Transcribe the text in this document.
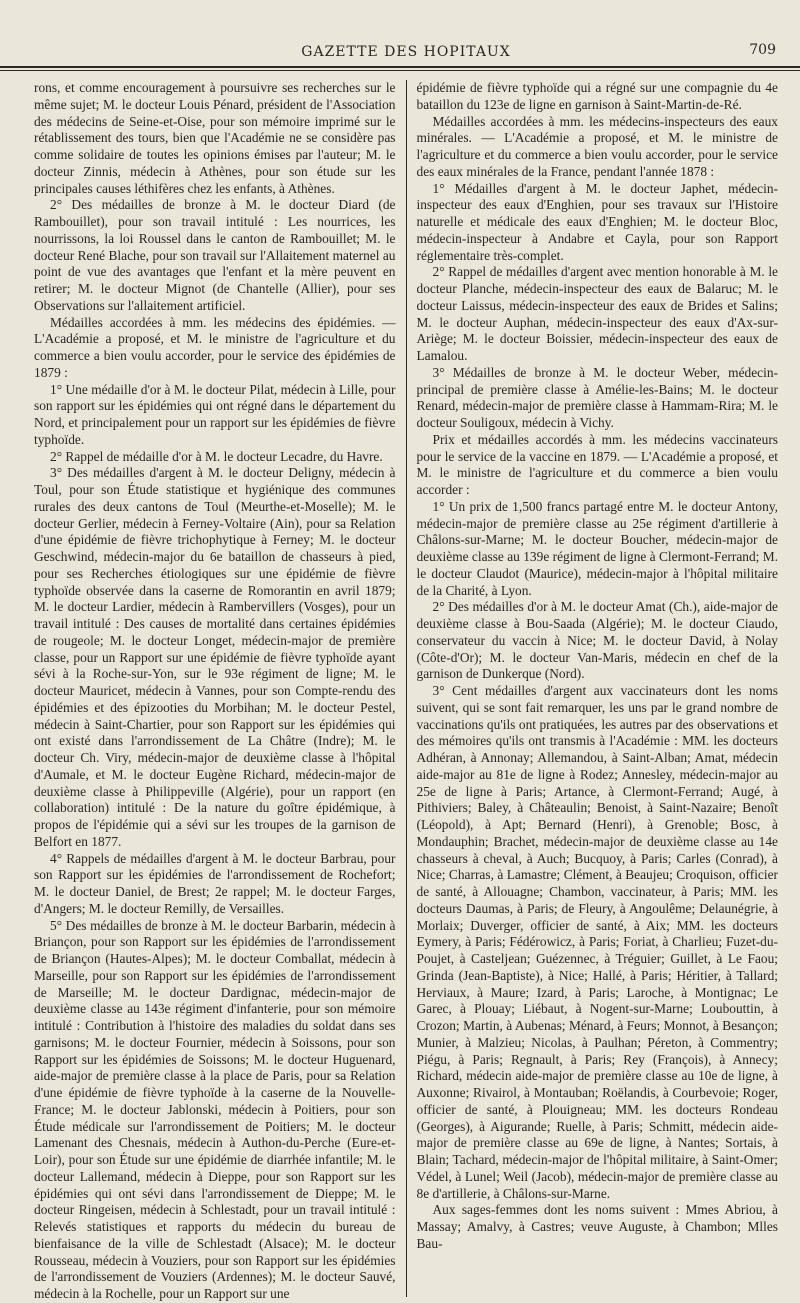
GAZETTE DES HOPITAUX	709

rons, et comme encouragement à poursuivre ses recherches sur le même sujet; M. le docteur Louis Pénard, président de l'Association des médecins de Seine-et-Oise, pour son mémoire imprimé sur le rétablissement des tours, bien que l'Académie ne se considère pas comme solidaire de toutes les opinions émises par l'auteur; M. le docteur Zinnis, médecin à Athènes, pour son étude sur les principales causes léthifères chez les enfants, à Athènes.

2° Des médailles de bronze à M. le docteur Diard (de Rambouillet), pour son travail intitulé : Les nourrices, les nourrissons, la loi Roussel dans le canton de Rambouillet; M. le docteur René Blache, pour son travail sur l'Allaitement maternel au point de vue des avantages que l'enfant et la mère peuvent en retirer; M. le docteur Mignot (de Chantelle (Allier), pour ses Observations sur l'allaitement artificiel.

Médailles accordées à mm. les médecins des épidémies. — L'Académie a proposé, et M. le ministre de l'agriculture et du commerce a bien voulu accorder, pour le service des épidémies de 1879 :

1° Une médaille d'or à M. le docteur Pilat, médecin à Lille, pour son rapport sur les épidémies qui ont régné dans le département du Nord, et principalement pour un rapport sur les épidémies de fièvre typhoïde.

2° Rappel de médaille d'or à M. le docteur Lecadre, du Havre.

3° Des médailles d'argent à M. le docteur Deligny, médecin à Toul, pour son Étude statistique et hygiénique des communes rurales des deux cantons de Toul (Meurthe-et-Moselle); M. le docteur Gerlier, médecin à Ferney-Voltaire (Ain), pour sa Relation d'une épidémie de fièvre trichophytique à Ferney; M. le docteur Geschwind, médecin-major du 6e bataillon de chasseurs à pied, pour ses Recherches étiologiques sur une épidémie de fièvre typhoïde observée dans la caserne de Romorantin en avril 1879; M. le docteur Lardier, médecin à Rambervillers (Vosges), pour un travail intitulé : Des causes de mortalité dans certaines épidémies de rougeole; M. le docteur Longet, médecin-major de première classe, pour un Rapport sur une épidémie de fièvre typhoïde ayant sévi à la Roche-sur-Yon, sur le 93e régiment de ligne; M. le docteur Mauricet, médecin à Vannes, pour son Compte-rendu des épidémies et des épizooties du Morbihan; M. le docteur Pestel, médecin à Saint-Chartier, pour son Rapport sur les épidémies qui ont existé dans l'arrondissement de La Châtre (Indre); M. le docteur Ch. Viry, médecin-major de deuxième classe à l'hôpital d'Aumale, et M. le docteur Eugène Richard, médecin-major de deuxième classe à Philippeville (Algérie), pour un rapport (en collaboration) intitulé : De la nature du goître épidémique, à propos de l'épidémie qui a sévi sur les troupes de la garnison de Belfort en 1877.

4° Rappels de médailles d'argent à M. le docteur Barbrau, pour son Rapport sur les épidémies de l'arrondissement de Rochefort; M. le docteur Daniel, de Brest; 2e rappel; M. le docteur Farges, d'Angers; M. le docteur Remilly, de Versailles.

5° Des médailles de bronze à M. le docteur Barbarin, médecin à Briançon, pour son Rapport sur les épidémies de l'arrondissement de Briançon (Hautes-Alpes); M. le docteur Comballat, médecin à Marseille, pour son Rapport sur les épidémies de l'arrondissement de Marseille; M. le docteur Dardignac, médecin-major de deuxième classe au 143e régiment d'infanterie, pour son mémoire intitulé : Contribution à l'histoire des maladies du soldat dans ses garnisons; M. le docteur Fournier, médecin à Soissons, pour son Rapport sur les épidémies de Soissons; M. le docteur Huguenard, aide-major de première classe à la place de Paris, pour sa Relation d'une épidémie de fièvre typhoïde à la caserne de la Nouvelle-France; M. le docteur Jablonski, médecin à Poitiers, pour son Étude médicale sur l'arrondissement de Poitiers; M. le docteur Lamenant des Chesnais, médecin à Authon-du-Perche (Eure-et-Loir), pour son Étude sur une épidémie de diarrhée infantile; M. le docteur Lallemand, médecin à Dieppe, pour son Rapport sur les épidémies qui ont sévi dans l'arrondissement de Dieppe; M. le docteur Ringeisen, médecin à Schlestadt, pour un travail intitulé : Relevés statistiques et rapports du médecin du bureau de bienfaisance de la ville de Schlestadt (Alsace); M. le docteur Rousseau, médecin à Vouziers, pour son Rapport sur les épidémies de l'arrondissement de Vouziers (Ardennes); M. le docteur Sauvé, médecin à la Rochelle, pour un Rapport sur une

épidémie de fièvre typhoïde qui a régné sur une compagnie du 4e bataillon du 123e de ligne en garnison à Saint-Martin-de-Ré.

Médailles accordées à mm. les médecins-inspecteurs des eaux minérales. — L'Académie a proposé, et M. le ministre de l'agriculture et du commerce a bien voulu accorder, pour le service des eaux minérales de la France, pendant l'année 1878 :

1° Médailles d'argent à M. le docteur Japhet, médecin-inspecteur des eaux d'Enghien, pour ses travaux sur l'Histoire naturelle et médicale des eaux d'Enghien; M. le docteur Bloc, médecin-inspecteur à Andabre et Cayla, pour son Rapport réglementaire très-complet.

2° Rappel de médailles d'argent avec mention honorable à M. le docteur Planche, médecin-inspecteur des eaux de Balaruc; M. le docteur Laissus, médecin-inspecteur des eaux de Brides et Salins; M. le docteur Auphan, médecin-inspecteur des eaux d'Ax-sur-Ariège; M. le docteur Boissier, médecin-inspecteur des eaux de Lamalou.

3° Médailles de bronze à M. le docteur Weber, médecin-principal de première classe à Amélie-les-Bains; M. le docteur Renard, médecin-major de première classe à Hammam-Rira; M. le docteur Souligoux, médecin à Vichy.

Prix et médailles accordés à mm. les médecins vaccinateurs pour le service de la vaccine en 1879. — L'Académie a proposé, et M. le ministre de l'agriculture et du commerce a bien voulu accorder :

1° Un prix de 1,500 francs partagé entre M. le docteur Antony, médecin-major de première classe au 25e régiment d'artillerie à Châlons-sur-Marne; M. le docteur Boucher, médecin-major de deuxième classe au 139e régiment de ligne à Clermont-Ferrand; M. le docteur Claudot (Maurice), médecin-major à l'hôpital militaire de la Charité, à Lyon.

2° Des médailles d'or à M. le docteur Amat (Ch.), aide-major de deuxième classe à Bou-Saada (Algérie); M. le docteur Ciaudo, conservateur du vaccin à Nice; M. le docteur David, à Nolay (Côte-d'Or); M. le docteur Van-Maris, médecin en chef de la garnison de Dunkerque (Nord).

3° Cent médailles d'argent aux vaccinateurs dont les noms suivent, qui se sont fait remarquer, les uns par le grand nombre de vaccinations qu'ils ont pratiquées, les autres par des observations et des mémoires qu'ils ont transmis à l'Académie : MM. les docteurs Adhéran, à Annonay; Allemandou, à Saint-Alban; Amat, médecin aide-major au 81e de ligne à Rodez; Annesley, médecin-major au 25e de ligne à Paris; Artance, à Clermont-Ferrand; Augé, à Pithiviers; Baley, à Châteaulin; Benoist, à Saint-Nazaire; Benoît (Léopold), à Apt; Bernard (Henri), à Grenoble; Bosc, à Mondauphin; Brachet, médecin-major de deuxième classe au 14e chasseurs à cheval, à Auch; Bucquoy, à Paris; Carles (Conrad), à Nice; Charras, à Lamastre; Clément, à Beaujeu; Croquison, officier de santé, à Allouagne; Chambon, vaccinateur, à Paris; MM. les docteurs Daumas, à Paris; de Fleury, à Angoulême; Delaunégrie, à Morlaix; Duverger, officier de santé, à Aix; MM. les docteurs Eymery, à Paris; Fédérowicz, à Paris; Foriat, à Charlieu; Fuzet-du-Poujet, à Casteljean; Guézennec, à Tréguier; Guillet, à Le Faou; Grinda (Jean-Baptiste), à Nice; Hallé, à Paris; Héritier, à Tallard; Herviaux, à Maure; Izard, à Paris; Laroche, à Montignac; Le Garec, à Plouay; Liébaut, à Nogent-sur-Marne; Loubouttin, à Crozon; Martin, à Aubenas; Ménard, à Feurs; Monnot, à Besançon; Munier, à Malzieu; Nicolas, à Paulhan; Péreton, à Commentry; Piégu, à Paris; Regnault, à Paris; Rey (François), à Annecy; Richard, médecin aide-major de première classe au 10e de ligne, à Auxonne; Rivairol, à Montauban; Roëlandis, à Courbevoie; Roger, officier de santé, à Plouigneau; MM. les docteurs Rondeau (Georges), à Aigurande; Ruelle, à Paris; Schmitt, médecin aide-major de première classe au 69e de ligne, à Nantes; Sortais, à Blain; Tachard, médecin-major de l'hôpital militaire, à Saint-Omer; Védel, à Lunel; Weil (Jacob), médecin-major de première classe au 8e d'artillerie, à Châlons-sur-Marne.

Aux sages-femmes dont les noms suivent : Mmes Abriou, à Massay; Amalvy, à Castres; veuve Auguste, à Chambon; Mlles Bau-
